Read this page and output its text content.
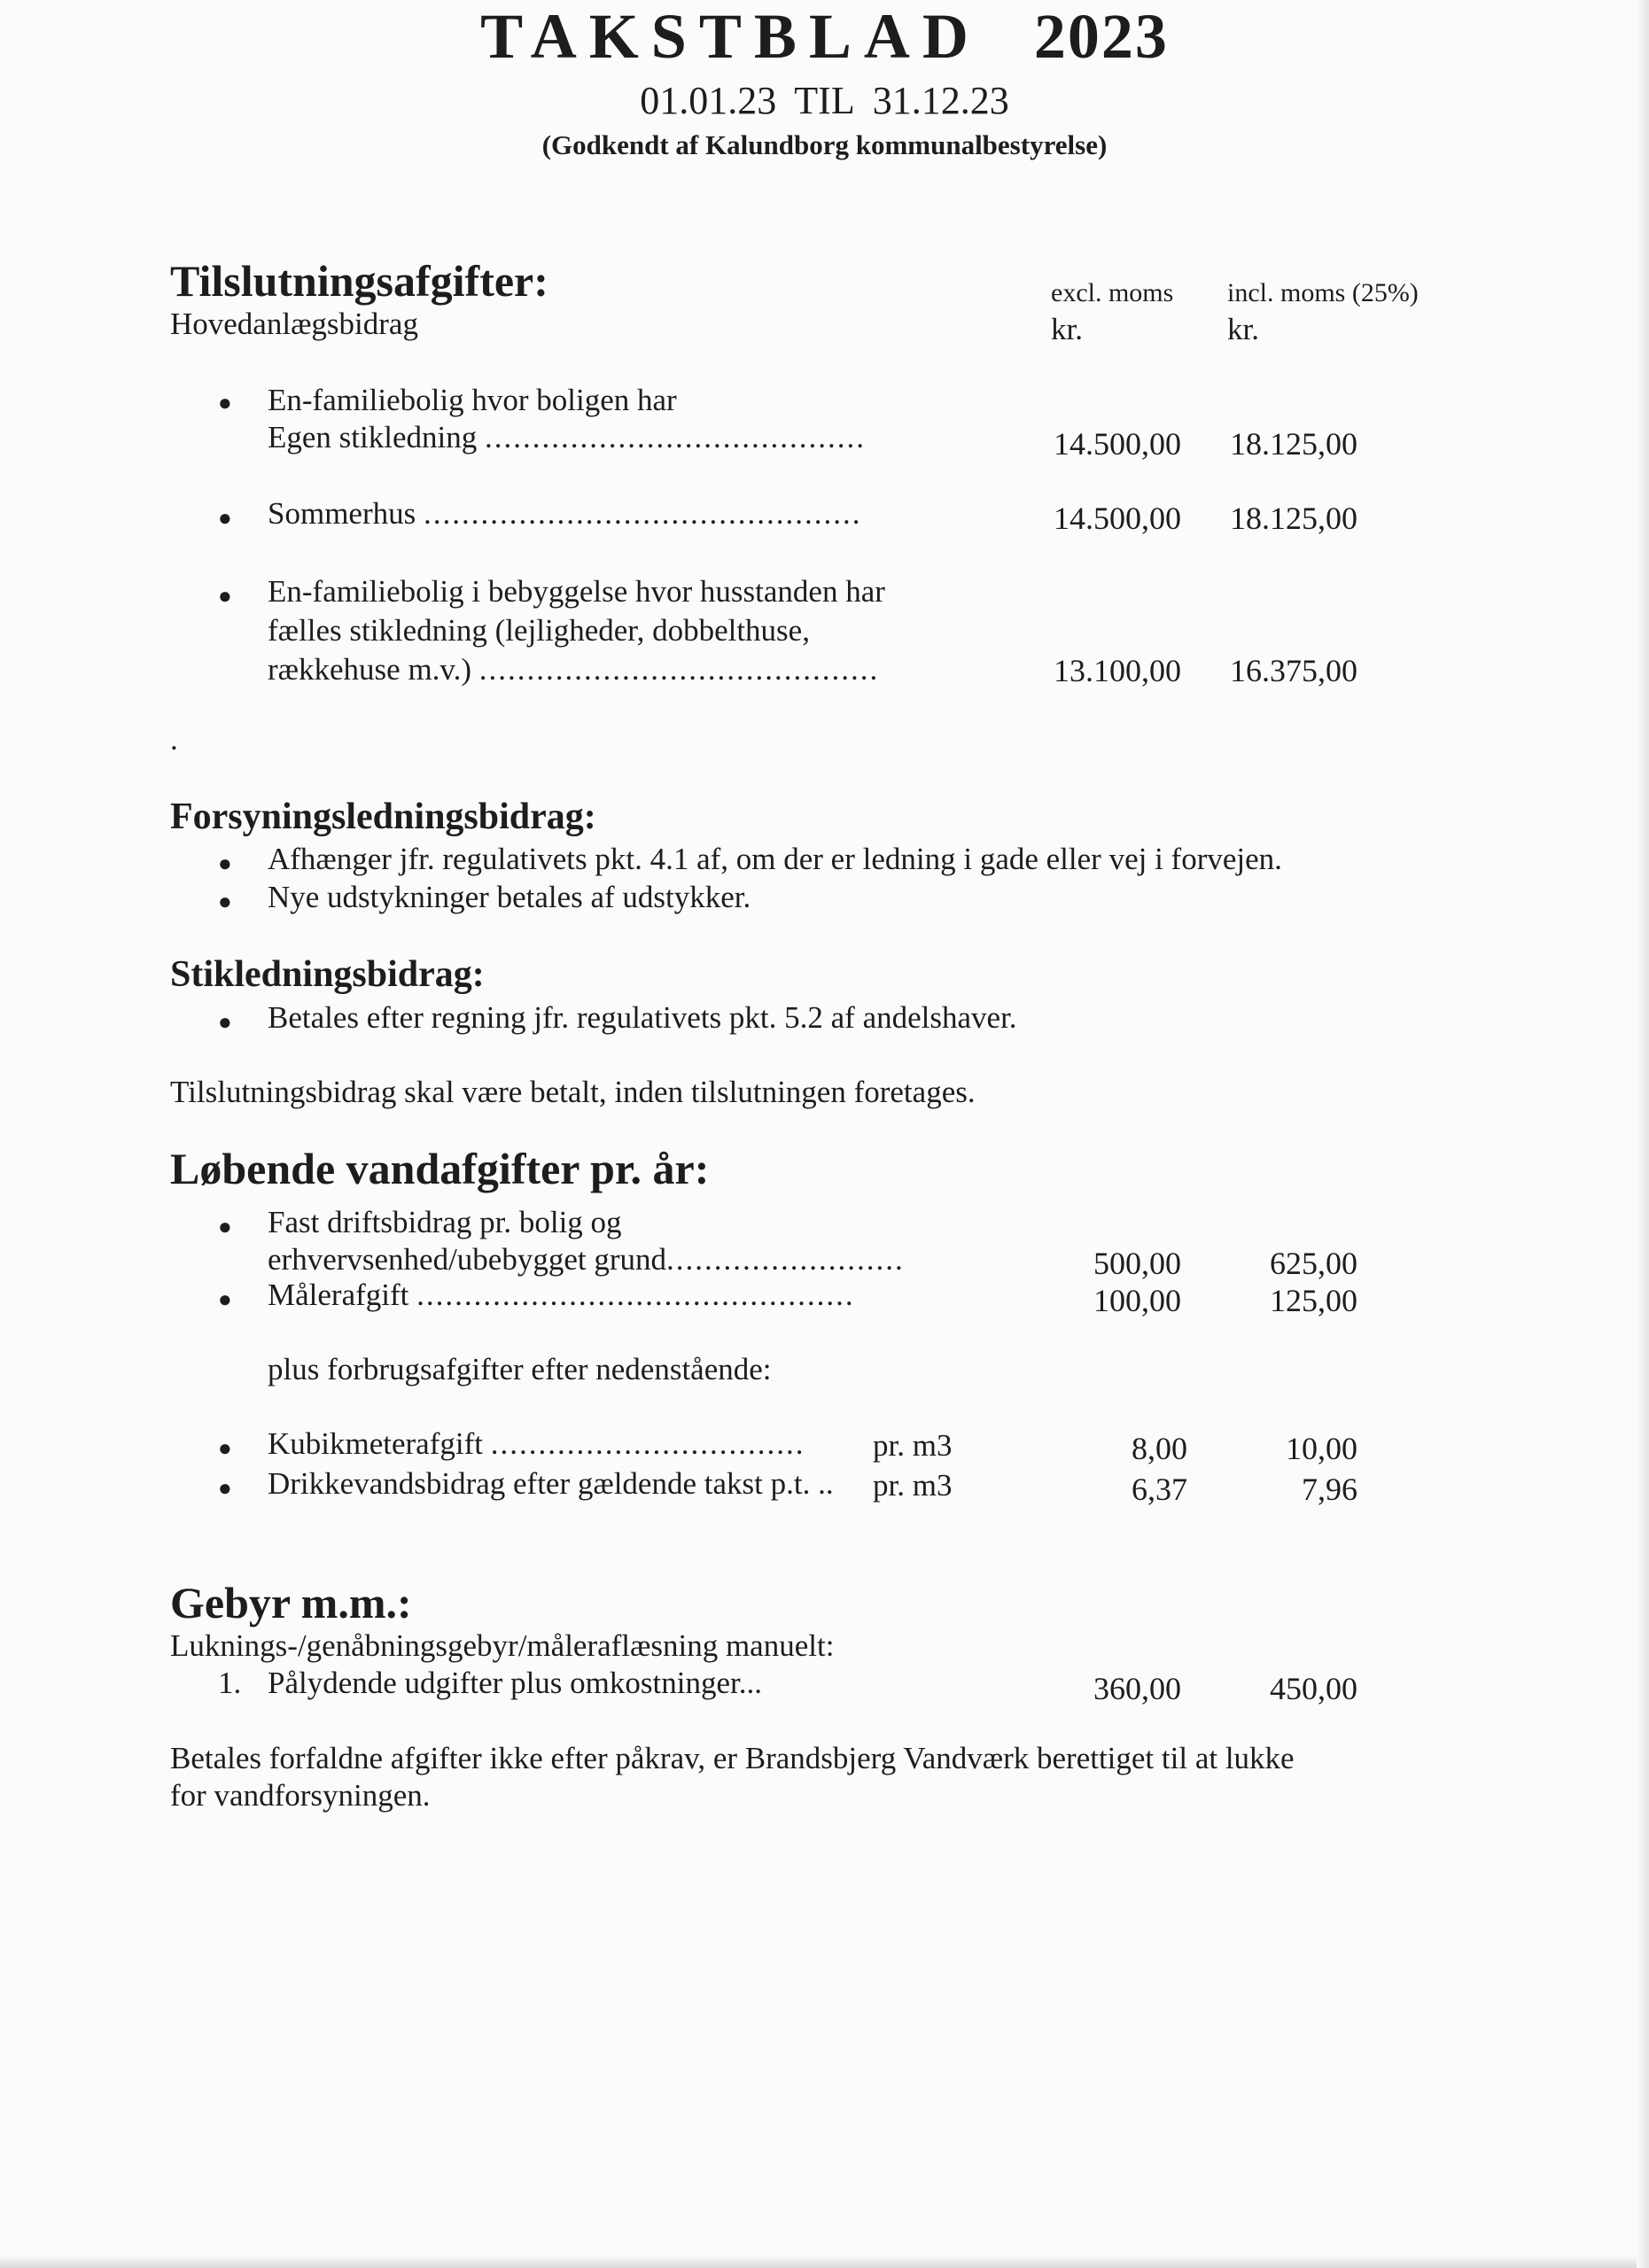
TAKSTBLAD 2023
01.01.23 TIL 31.12.23
(Godkendt af Kalundborg kommunalbestyrelse)
Tilslutningsafgifter:
Hovedanlægsbidrag
excl. moms incl. moms (25%)
kr.	kr.
● En-familiebolig hvor boligen har
Egen stikledning ........................................	14.500,00	18.125,00
● Sommerhus ..............................................	14.500,00	18.125,00
● En-familiebolig i bebyggelse hvor husstanden har
fælles stikledning (lejligheder, dobbelthuse,
rækkehuse m.v.) ..........................................	13.100,00	16.375,00
.
Forsyningsledningsbidrag:
● Afhænger jfr. regulativets pkt. 4.1 af, om der er ledning i gade eller vej i forvejen.
● Nye udstykninger betales af udstykker.
Stikledningsbidrag:
● Betales efter regning jfr. regulativets pkt. 5.2 af andelshaver.
Tilslutningsbidrag skal være betalt, inden tilslutningen foretages.
Løbende vandafgifter pr. år:
● Fast driftsbidrag pr. bolig og
erhvervsenhed/ubebygget grund.........................	500,00	625,00
● Målerafgift ..............................................	100,00	125,00
plus forbrugsafgifter efter nedenstående:
● Kubikmeterafgift ................................. pr. m3	8,00	10,00
● Drikkevandsbidrag efter gældende takst p.t. .. pr. m3	6,37	7,96
Gebyr m.m.:
Luknings-/genåbningsgebyr/måleraflæsning manuelt:
1. Pålydende udgifter plus omkostninger...	360,00	450,00
Betales forfaldne afgifter ikke efter påkrav, er Brandsbjerg Vandværk berettiget til at lukke
for vandforsyningen.
